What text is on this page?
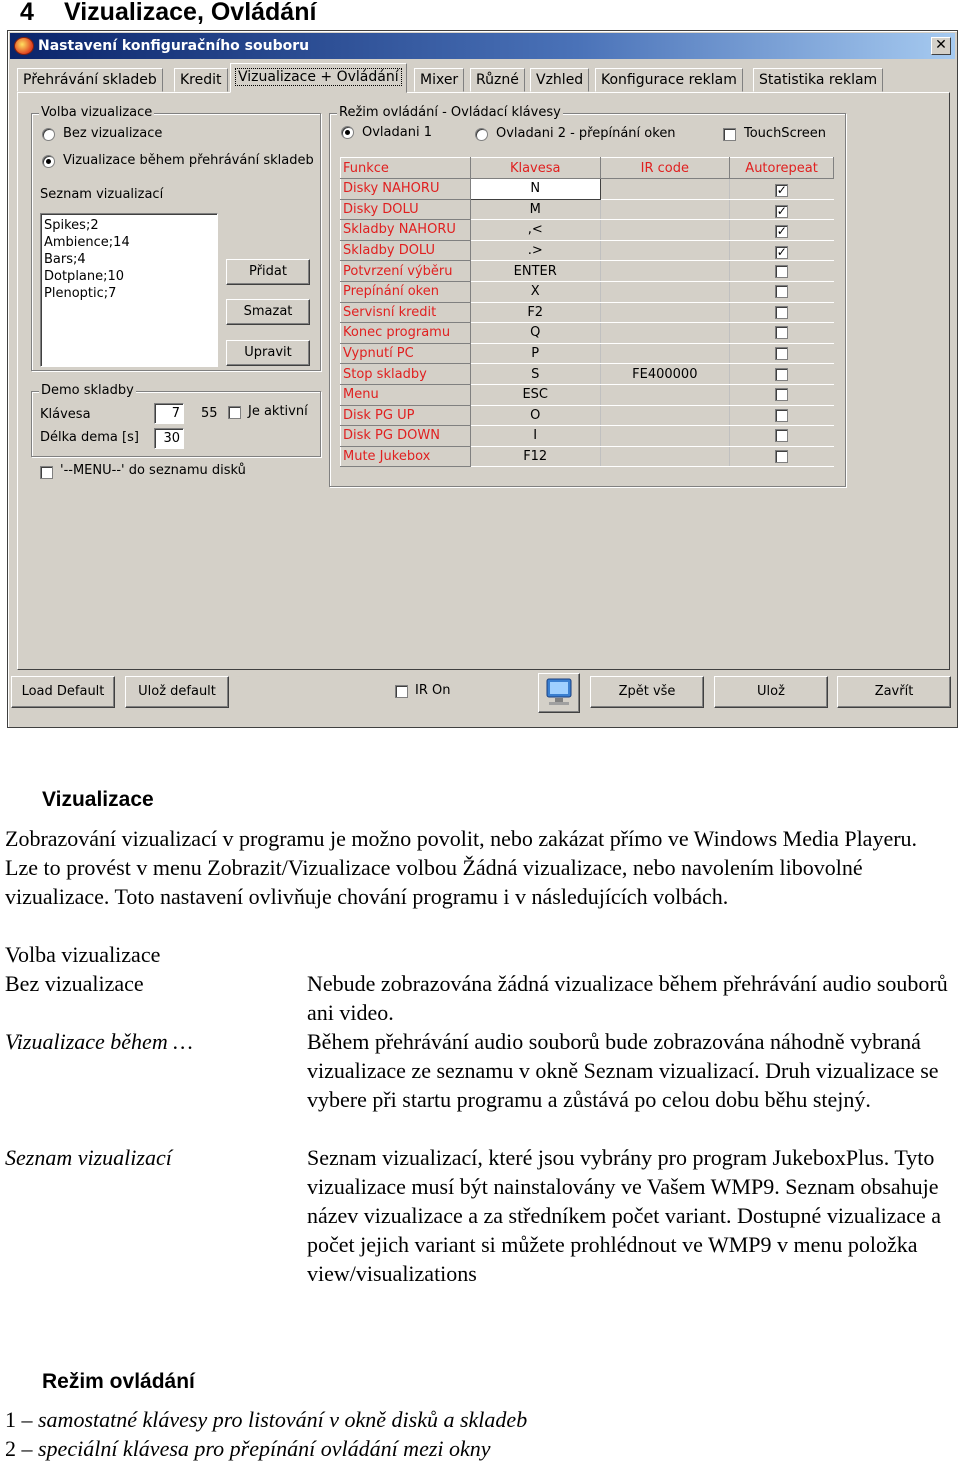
4 Vizualizace, Ovládání
Nastavení konfiguračního souboru	✕
Přehrávání skladeb	Kredit	Vizualizace + Ovládání	Mixer	Různé	Vzhled	Konfigurace reklam	Statistika reklam
Volba vizualizace
Bez vizualizace
Vizualizace během přehrávání skladeb
Seznam vizualizací
Spikes;2
Ambience;14
Bars;4
Dotplane;10
Plenoptic;7
Přidat
Smazat
Upravit
Demo skladby
Klávesa	7	55 Je aktivní
Délka dema [s]	30
'--MENU--' do seznamu disků
Režim ovládání - Ovládací klávesy
Ovladani 1	Ovladani 2 - přepínání oken	TouchScreen
Funkce	Klavesa	IR code	Autorepeat
Disky NAHORU	N		✓
Disky DOLU	M		✓
Skladby NAHORU	,<		✓
Skladby DOLU	.>		✓
Potvrzení výběru	ENTER		
Prepínání oken	X		
Servisní kredit	F2		
Konec programu	Q		
Vypnutí PC	P		
Stop skladby	S	FE400000	
Menu	ESC		
Disk PG UP	O		
Disk PG DOWN	I		
Mute Jukebox	F12		
Load Default	Ulož default	IR On	Zpět vše	Ulož	Zavřít
Vizualizace
Zobrazování vizualizací v programu je možno povolit, nebo zakázat přímo ve Windows Media Playeru. Lze to provést v menu Zobrazit/Vizualizace volbou Žádná vizualizace, nebo navolením libovolné vizualizace. Toto nastavení ovlivňuje chování programu i v následujících volbách.
Volba vizualizace
Bez vizualizace	Nebude zobrazována žádná vizualizace během přehrávání audio souborů ani video.
Vizualizace během …	Během přehrávání audio souborů bude zobrazována náhodně vybraná vizualizace ze seznamu v okně Seznam vizualizací. Druh vizualizace se vybere při startu programu a zůstává po celou dobu běhu stejný.
Seznam vizualizací	Seznam vizualizací, které jsou vybrány pro program JukeboxPlus. Tyto vizualizace musí být nainstalovány ve Vašem WMP9. Seznam obsahuje název vizualizace a za středníkem počet variant. Dostupné vizualizace a počet jejich variant si můžete prohlédnout ve WMP9 v menu položka view/visualizations
Režim ovládání
1 – samostatné klávesy pro listování v okně disků a skladeb
2 – speciální klávesa pro přepínání ovládání mezi okny
